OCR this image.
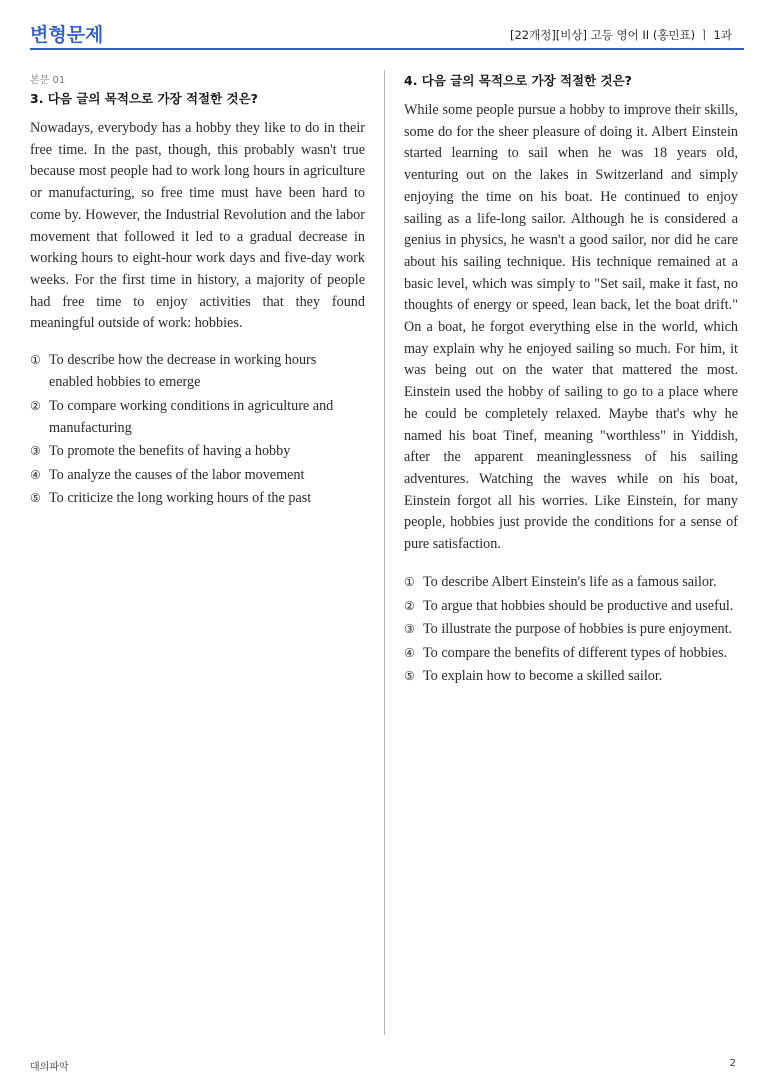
변형문제	[22개정][비상] 고등 영어 II (홍민표) ㅣ 1과
본문 01
3. 다음 글의 목적으로 가장 적절한 것은?

Nowadays, everybody has a hobby they like to do in their free time. In the past, though, this probably wasn't true because most people had to work long hours in agriculture or manufacturing, so free time must have been hard to come by. However, the Industrial Revolution and the labor movement that followed it led to a gradual decrease in working hours to eight-hour work days and five-day work weeks. For the first time in history, a majority of people had free time to enjoy activities that they found meaningful outside of work: hobbies.

① To describe how the decrease in working hours enabled hobbies to emerge
② To compare working conditions in agriculture and manufacturing
③ To promote the benefits of having a hobby
④ To analyze the causes of the labor movement
⑤ To criticize the long working hours of the past
4. 다음 글의 목적으로 가장 적절한 것은?

While some people pursue a hobby to improve their skills, some do for the sheer pleasure of doing it. Albert Einstein started learning to sail when he was 18 years old, venturing out on the lakes in Switzerland and simply enjoying the time on his boat. He continued to enjoy sailing as a life-long sailor. Although he is considered a genius in physics, he wasn't a good sailor, nor did he care about his sailing technique. His technique remained at a basic level, which was simply to "Set sail, make it fast, no thoughts of energy or speed, lean back, let the boat drift." On a boat, he forgot everything else in the world, which may explain why he enjoyed sailing so much. For him, it was being out on the water that mattered the most. Einstein used the hobby of sailing to go to a place where he could be completely relaxed. Maybe that's why he named his boat Tinef, meaning "worthless" in Yiddish, after the apparent meaninglessness of his sailing adventures. Watching the waves while on his boat, Einstein forgot all his worries. Like Einstein, for many people, hobbies just provide the conditions for a sense of pure satisfaction.

① To describe Albert Einstein's life as a famous sailor.
② To argue that hobbies should be productive and useful.
③ To illustrate the purpose of hobbies is pure enjoyment.
④ To compare the benefits of different types of hobbies.
⑤ To explain how to become a skilled sailor.
대의파악	2
